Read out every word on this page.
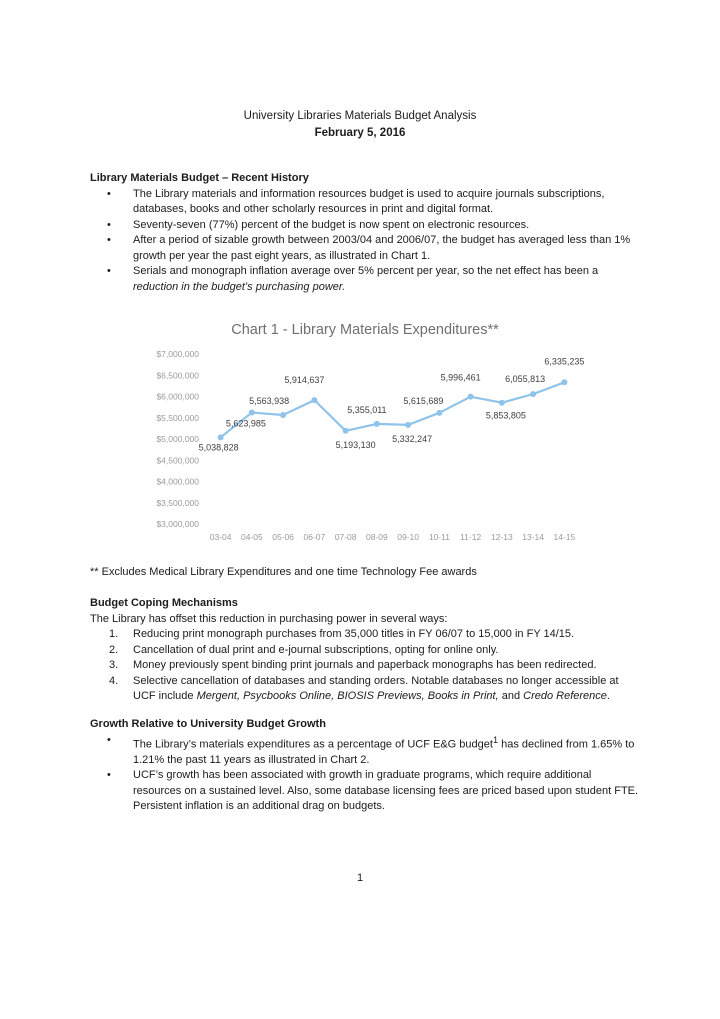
University Libraries Materials Budget Analysis
February 5, 2016
Library Materials Budget – Recent History
• The Library materials and information resources budget is used to acquire journals subscriptions, databases, books and other scholarly resources in print and digital format.
• Seventy-seven (77%) percent of the budget is now spent on electronic resources.
• After a period of sizable growth between 2003/04 and 2006/07, the budget has averaged less than 1% growth per year the past eight years, as illustrated in Chart 1.
• Serials and monograph inflation average over 5% percent per year, so the net effect has been a reduction in the budget’s purchasing power.
Chart 1 - Library Materials Expenditures**
$3,000,000
$3,500,000
$4,000,000
$4,500,000
$5,000,000
$5,500,000
$6,000,000
$6,500,000
$7,000,000
03-04 04-05 05-06 06-07 07-08 08-09 09-10 10-11 11-12 12-13 13-14 14-15
5,038,828
5,623,985
5,563,938
5,914,637
5,193,130
5,355,011
5,332,247
5,615,689
5,996,461
5,853,805
6,055,813
6,335,235
** Excludes Medical Library Expenditures and one time Technology Fee awards
Budget Coping Mechanisms

The Library has offset this reduction in purchasing power in several ways:

1. Reducing print monograph purchases from 35,000 titles in FY 06/07 to 15,000 in FY 14/15.
2. Cancellation of dual print and e-journal subscriptions, opting for online only.
3. Money previously spent binding print journals and paperback monographs has been redirected.
4. Selective cancellation of databases and standing orders. Notable databases no longer accessible at UCF include Mergent, Psycbooks Online, BIOSIS Previews, Books in Print, and Credo Reference.
Growth Relative to University Budget Growth
• The Library’s materials expenditures as a percentage of UCF E&G budget$^1$ has declined from 1.65% to 1.21% the past 11 years as illustrated in Chart 2.
• UCF’s growth has been associated with growth in graduate programs, which require additional resources on a sustained level. Also, some database licensing fees are priced based upon student FTE. Persistent inflation is an additional drag on budgets.
1
